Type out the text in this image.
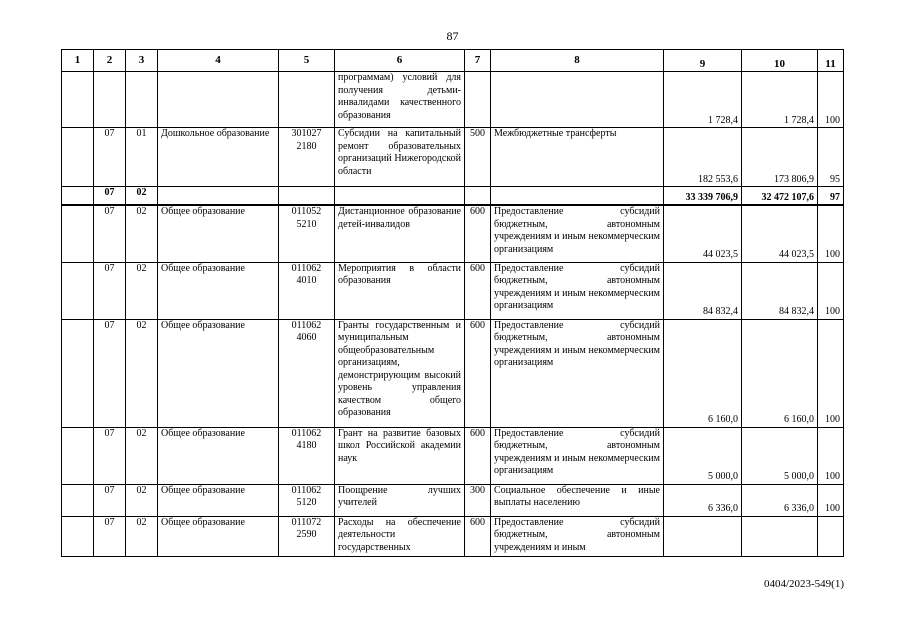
87
1	2	3	4	5	6	7	8	9	10	11
					программам) условий для получения детьми-инвалидами качественного образования			1 728,4	1 728,4	100
	07	01	Дошкольное образование	301027 2180	Субсидии на капитальный ремонт образовательных организаций Нижегородской области	500	Межбюджетные трансферты	182 553,6	173 806,9	95
	07	02						33 339 706,9	32 472 107,6	97
	07	02	Общее образование	011052 5210	Дистанционное образование детей-инвалидов	600	Предоставление субсидий бюджетным, автономным учреждениям и иным некоммерческим организациям	44 023,5	44 023,5	100
	07	02	Общее образование	011062 4010	Мероприятия в области образования	600	Предоставление субсидий бюджетным, автономным учреждениям и иным некоммерческим организациям	84 832,4	84 832,4	100
	07	02	Общее образование	011062 4060	Гранты государственным и муниципальным общеобразовательным организациям, демонстрирующим высокий уровень управления качеством общего образования	600	Предоставление субсидий бюджетным, автономным учреждениям и иным некоммерческим организациям	6 160,0	6 160,0	100
	07	02	Общее образование	011062 4180	Грант на развитие базовых школ Российской академии наук	600	Предоставление субсидий бюджетным, автономным учреждениям и иным некоммерческим организациям	5 000,0	5 000,0	100
	07	02	Общее образование	011062 5120	Поощрение лучших учителей	300	Социальное обеспечение и иные выплаты населению	6 336,0	6 336,0	100
	07	02	Общее образование	011072 2590	Расходы на обеспечение деятельности государственных	600	Предоставление субсидий бюджетным, автономным учреждениям и иным			
0404/2023-549(1)
